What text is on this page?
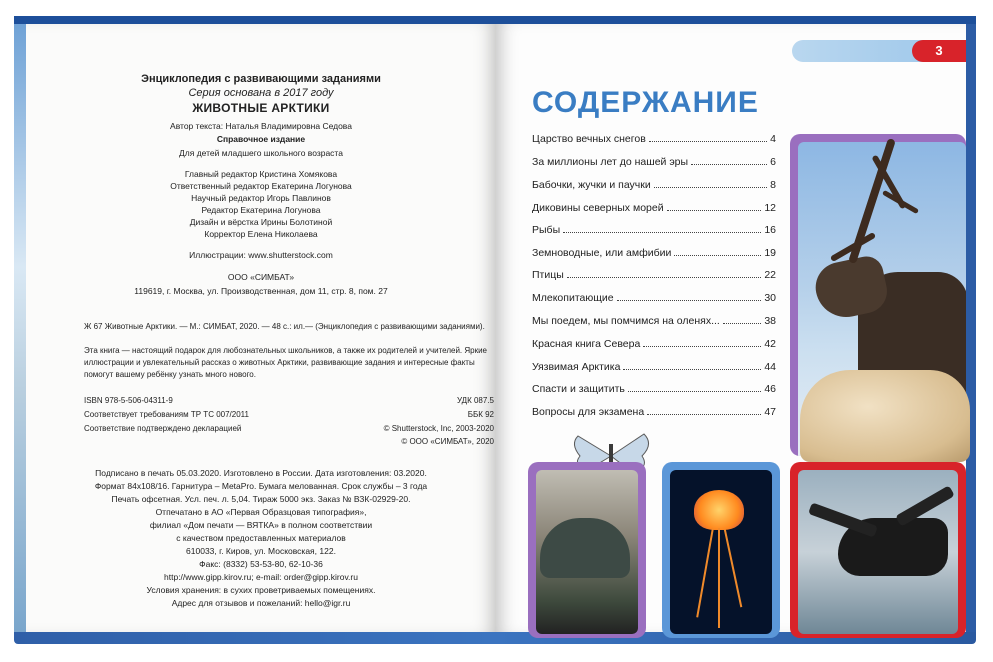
Энциклопедия с развивающими заданиями
Серия основана в 2017 году
ЖИВОТНЫЕ АРКТИКИ
Автор текста: Наталья Владимировна Седова
Справочное издание
Для детей младшего школьного возраста
Главный редактор Кристина Хомякова
Ответственный редактор Екатерина Логунова
Научный редактор Игорь Павлинов
Редактор Екатерина Логунова
Дизайн и вёрстка Ирины Болотиной
Корректор Елена Николаева
Иллюстрации: www.shutterstock.com
ООО «СИМБАТ»
119619, г. Москва, ул. Производственная, дом 11, стр. 8, пом. 27
Ж 67 Животные Арктики. — М.: СИМБАТ, 2020. — 48 с.: ил.— (Энциклопедия с развивающими заданиями).
Эта книга — настоящий подарок для любознательных школьников, а также их родителей и учителей. Яркие
иллюстрации и увлекательный рассказ о животных Арктики, развивающие задания и интересные факты
помогут вашему ребёнку узнать много нового.
ISBN 978-5-506-04311-9	УДК 087.5
Соответствует требованиям ТР ТС 007/2011	ББК 92
Соответствие подтверждено декларацией	© Shutterstock, Inc, 2003-2020
© ООО «СИМБАТ», 2020
Подписано в печать 05.03.2020. Изготовлено в России. Дата изготовления: 03.2020.
Формат 84х108/16. Гарнитура – MetaPro. Бумага мелованная. Срок службы – 3 года
Печать офсетная. Усл. печ. л. 5,04. Тираж 5000 экз. Заказ № ВЗК-02929-20.
Отпечатано в АО «Первая Образцовая типография»,
филиал «Дом печати — ВЯТКА» в полном соответствии
с качеством предоставленных материалов
610033, г. Киров, ул. Московская, 122.
Факс: (8332) 53-53-80, 62-10-36
http://www.gipp.kirov.ru; e-mail: order@gipp.kirov.ru
Условия хранения: в сухих проветриваемых помещениях.
Адрес для отзывов и пожеланий: hello@igr.ru
3
СОДЕРЖАНИЕ
Царство вечных снегов	4
За миллионы лет до нашей эры	6
Бабочки, жучки и паучки	8
Диковины северных морей	12
Рыбы	16
Земноводные, или амфибии	19
Птицы	22
Млекопитающие	30
Мы поедем, мы помчимся на оленях...	38
Красная книга Севера	42
Уязвимая Арктика	44
Спасти и защитить	46
Вопросы для экзамена	47
